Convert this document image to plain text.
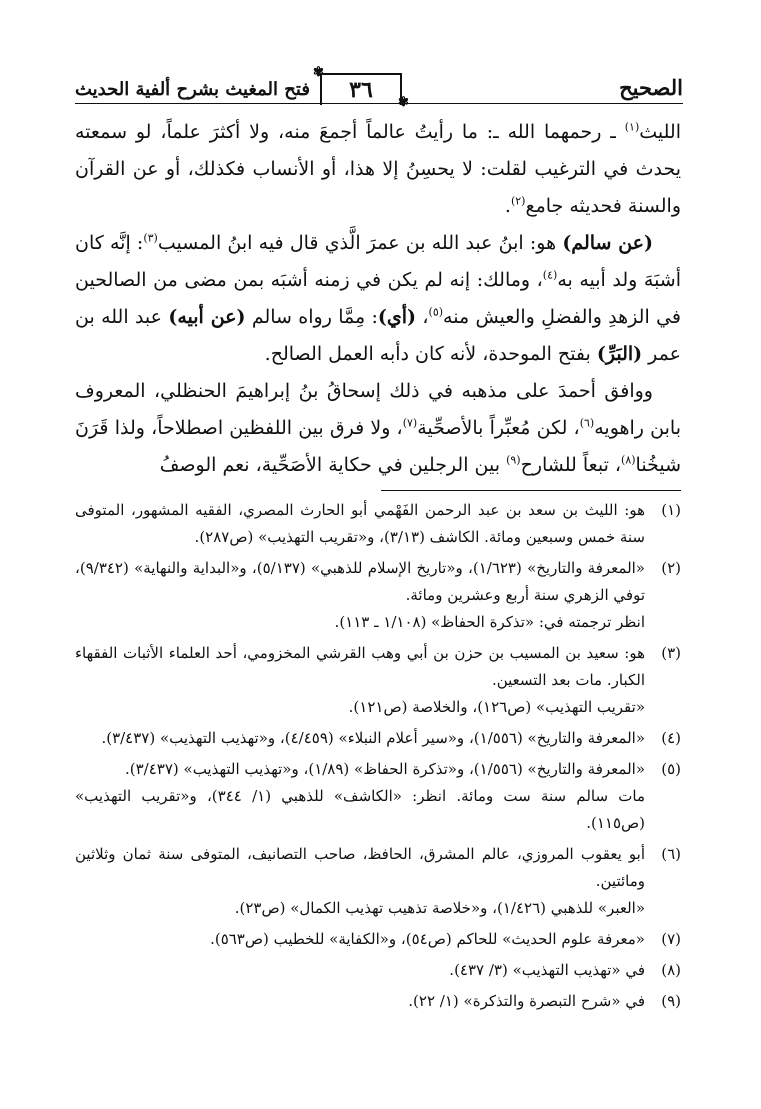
الصحيح
✾ ٣٦ ✾
فتح المغيث بشرح ألفية الحديث

الليث$^{(١)}$ ـ رحمهما الله ـ: ما رأيتُ عالماً أجمعَ منه، ولا أكثرَ علماً، لو سمعته يحدث في الترغيب لقلت: لا يحسِنُ إلا هذا، أو الأنساب فكذلك، أو عن القرآن والسنة فحديثه جامع$^{(٢)}$.

(عن سالم) هو: ابنُ عبد الله بن عمرَ الَّذي قال فيه ابنُ المسيب$^{(٣)}$: إنَّه كان أشبَهَ ولد أبيه به$^{(٤)}$، ومالك: إنه لم يكن في زمنه أشبَه بمن مضى من الصالحين في الزهدِ والفضلِ والعيش منه$^{(٥)}$، (أي): مِمَّا رواه سالم (عن أبيه) عبد الله بن عمر (البَرِّ) بفتح الموحدة، لأنه كان دأبه العمل الصالح.

ووافق أحمدَ على مذهبه في ذلك إسحاقُ بنُ إبراهيمَ الحنظلي، المعروف بابن راهويه$^{(٦)}$، لكن مُعبِّراً بالأصحِّية$^{(٧)}$، ولا فرق بين اللفظين اصطلاحاً، ولذا قَرَنَ شيخُنا$^{(٨)}$، تبعاً للشارح$^{(٩)}$ بين الرجلين في حكاية الأصَحِّية، نعم الوصفُ

(١)
هو: الليث بن سعد بن عبد الرحمن الفَهْمي أبو الحارث المصري، الفقيه المشهور، المتوفى سنة خمس وسبعين ومائة. الكاشف (٣/١٣)، و«تقريب التهذيب» (ص٢٨٧).
(٢)
«المعرفة والتاريخ» (١/٦٢٣)، و«تاريخ الإسلام للذهبي» (٥/١٣٧)، و«البداية والنهاية» (٩/٣٤٢)، توفي الزهري سنة أربع وعشرين ومائة.
انظر ترجمته في: «تذكرة الحفاظ» (١/١٠٨ ـ ١١٣).
(٣)
هو: سعيد بن المسيب بن حزن بن أبي وهب القرشي المخزومي، أحد العلماء الأثبات الفقهاء الكبار. مات بعد التسعين.
«تقريب التهذيب» (ص١٢٦)، والخلاصة (ص١٢١).
(٤)
«المعرفة والتاريخ» (١/٥٥٦)، و«سير أعلام النبلاء» (٤/٤٥٩)، و«تهذيب التهذيب» (٣/٤٣٧).
(٥)
«المعرفة والتاريخ» (١/٥٥٦)، و«تذكرة الحفاظ» (١/٨٩)، و«تهذيب التهذيب» (٣/٤٣٧).
مات سالم سنة ست ومائة. انظر: «الكاشف» للذهبي (١/ ٣٤٤)، و«تقريب التهذيب» (ص١١٥).
(٦)
أبو يعقوب المروزي، عالم المشرق، الحافظ، صاحب التصانيف، المتوفى سنة ثمان وثلاثين ومائتين.
«العبر» للذهبي (١/٤٢٦)، و«خلاصة تذهيب تهذيب الكمال» (ص٢٣).
(٧)
«معرفة علوم الحديث» للحاكم (ص٥٤)، و«الكفاية» للخطيب (ص٥٦٣).
(٨)
في «تهذيب التهذيب» (٣/ ٤٣٧).
(٩)
في «شرح التبصرة والتذكرة» (١/ ٢٢).
